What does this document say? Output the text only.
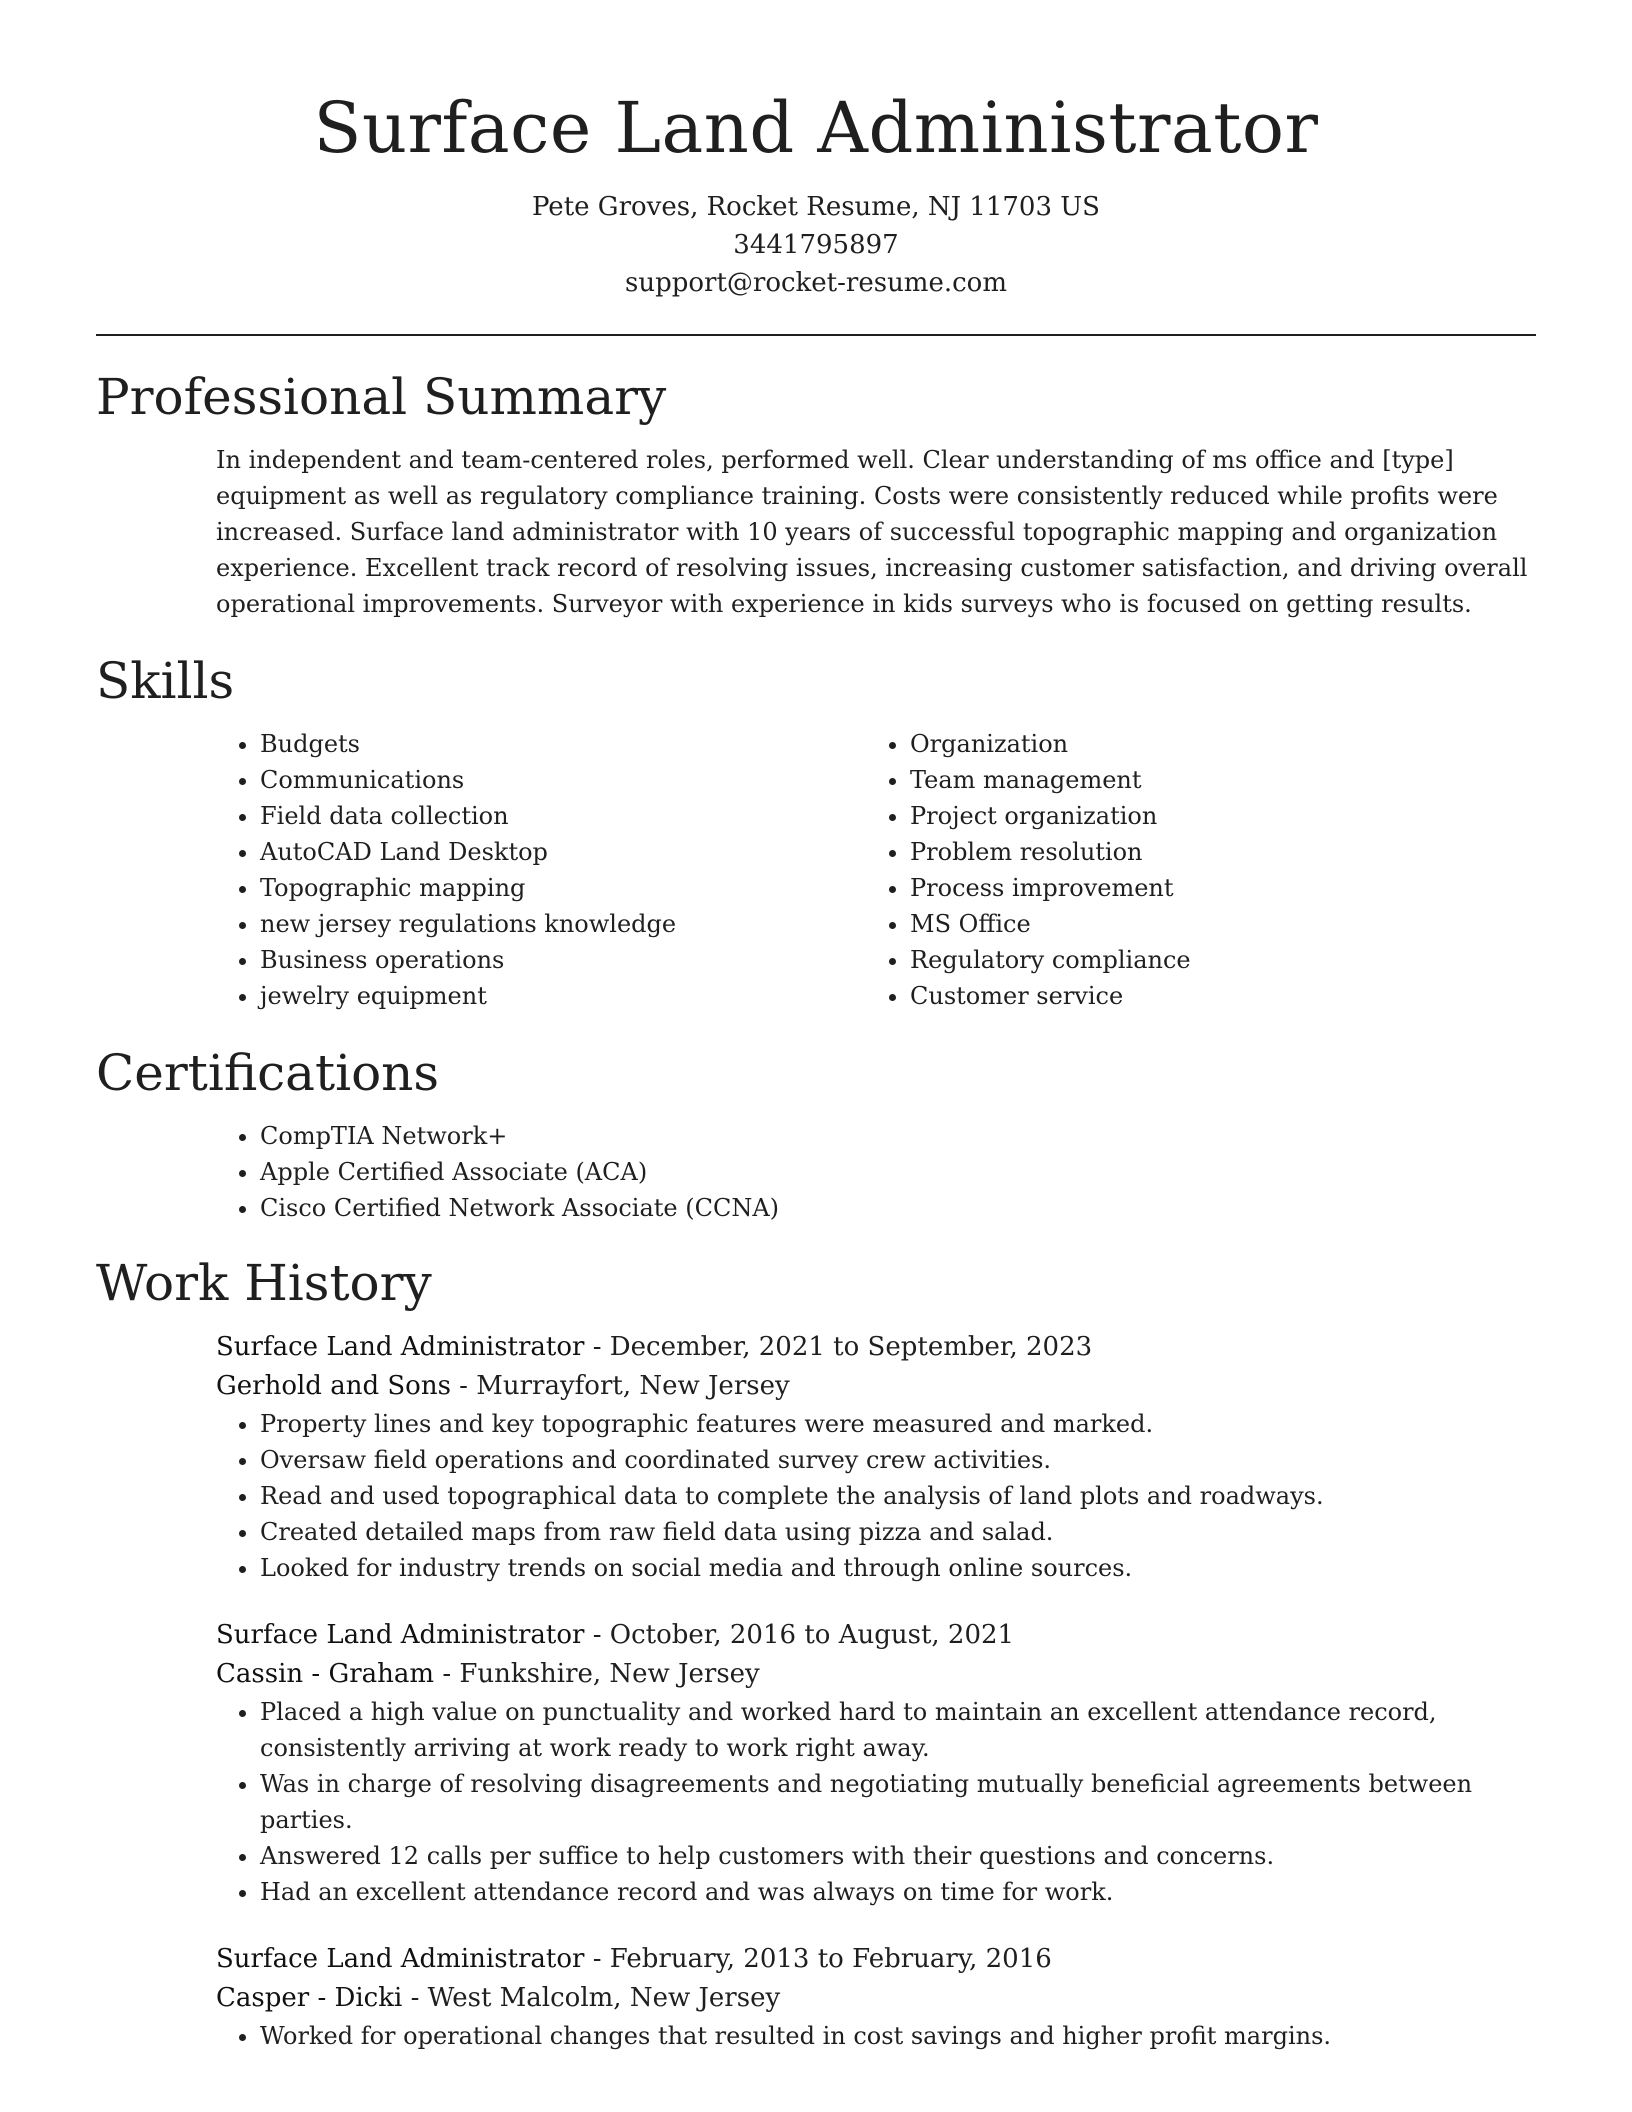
Surface Land Administrator
Pete Groves, Rocket Resume, NJ 11703 US
3441795897
support@rocket-resume.com
Professional Summary

In independent and team-centered roles, performed well. Clear understanding of ms office and [type] equipment as well as regulatory compliance training. Costs were consistently reduced while profits were increased. Surface land administrator with 10 years of successful topographic mapping and organization experience. Excellent track record of resolving issues, increasing customer satisfaction, and driving overall operational improvements. Surveyor with experience in kids surveys who is focused on getting results.

Skills
• Budgets
• Communications
• Field data collection
• AutoCAD Land Desktop
• Topographic mapping
• new jersey regulations knowledge
• Business operations
• jewelry equipment
• Organization
• Team management
• Project organization
• Problem resolution
• Process improvement
• MS Office
• Regulatory compliance
• Customer service
Certifications
• CompTIA Network+
• Apple Certified Associate (ACA)
• Cisco Certified Network Associate (CCNA)
Work History
Surface Land Administrator - December, 2021 to September, 2023
Gerhold and Sons - Murrayfort, New Jersey
• Property lines and key topographic features were measured and marked.
• Oversaw field operations and coordinated survey crew activities.
• Read and used topographical data to complete the analysis of land plots and roadways.
• Created detailed maps from raw field data using pizza and salad.
• Looked for industry trends on social media and through online sources.
Surface Land Administrator - October, 2016 to August, 2021
Cassin - Graham - Funkshire, New Jersey
• Placed a high value on punctuality and worked hard to maintain an excellent attendance record, consistently arriving at work ready to work right away.
• Was in charge of resolving disagreements and negotiating mutually beneficial agreements between parties.
• Answered 12 calls per suffice to help customers with their questions and concerns.
• Had an excellent attendance record and was always on time for work.
Surface Land Administrator - February, 2013 to February, 2016
Casper - Dicki - West Malcolm, New Jersey
• Worked for operational changes that resulted in cost savings and higher profit margins.
